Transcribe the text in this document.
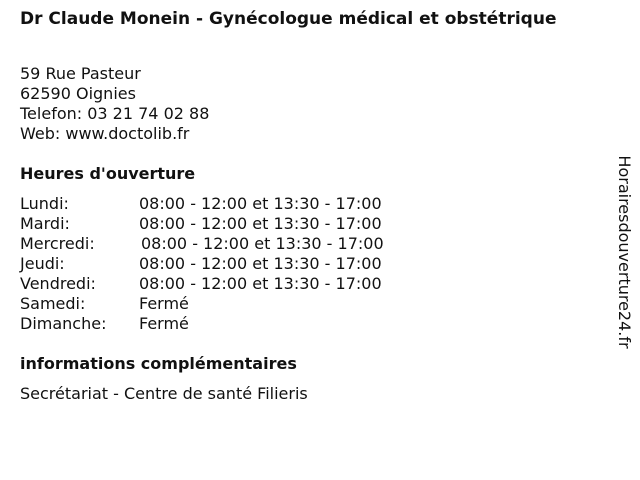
Dr Claude Monein - Gynécologue médical et obstétrique
59 Rue Pasteur
62590 Oignies
Telefon: 03 21 74 02 88
Web: www.doctolib.fr
Heures d'ouverture
Lundi:	08:00 - 12:00 et 13:30 - 17:00
Mardi:	08:00 - 12:00 et 13:30 - 17:00
Mercredi:	08:00 - 12:00 et 13:30 - 17:00
Jeudi:	08:00 - 12:00 et 13:30 - 17:00
Vendredi:	08:00 - 12:00 et 13:30 - 17:00
Samedi:	Fermé
Dimanche:	Fermé
informations complémentaires
Secrétariat - Centre de santé Filieris
Horairesdouverture24.fr
